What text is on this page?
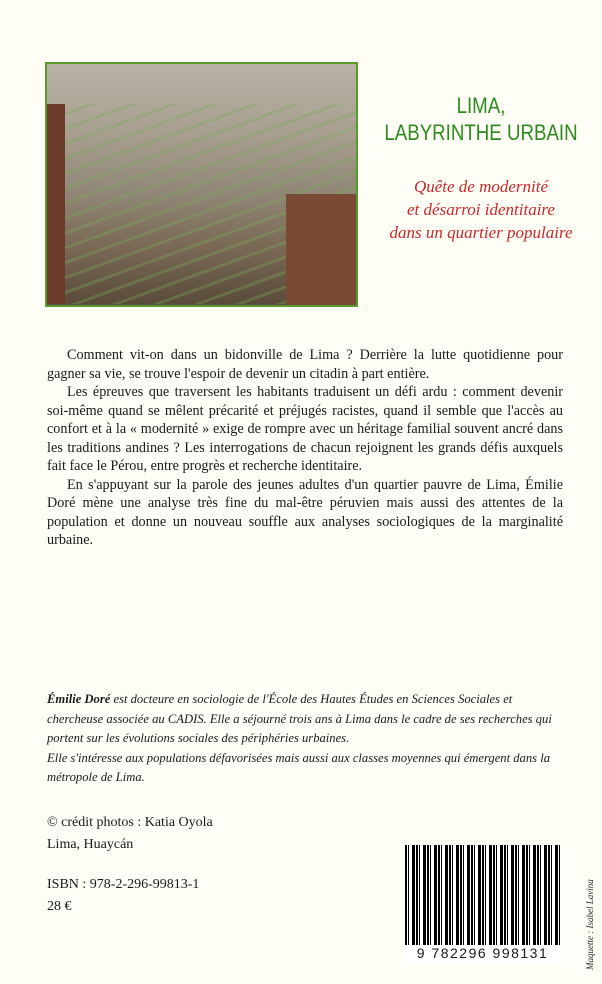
LIMA,
LABYRINTHE URBAIN
Quête de modernité
et désarroi identitaire
dans un quartier populaire

Comment vit-on dans un bidonville de Lima ? Derrière la lutte quotidienne pour gagner sa vie, se trouve l'espoir de devenir un citadin à part entière.

Les épreuves que traversent les habitants traduisent un défi ardu : comment devenir soi-même quand se mêlent précarité et préjugés racistes, quand il semble que l'accès au confort et à la « modernité » exige de rompre avec un héritage familial souvent ancré dans les traditions andines ? Les interrogations de chacun rejoignent les grands défis auxquels fait face le Pérou, entre progrès et recherche identitaire.

En s'appuyant sur la parole des jeunes adultes d'un quartier pauvre de Lima, Émilie Doré mène une analyse très fine du mal-être péruvien mais aussi des attentes de la population et donne un nouveau souffle aux analyses sociologiques de la marginalité urbaine.

Émilie Doré est docteure en sociologie de l'École des Hautes Études en Sciences Sociales et chercheuse associée au CADIS. Elle a séjourné trois ans à Lima dans le cadre de ses recherches qui portent sur les évolutions sociales des périphéries urbaines.
Elle s'intéresse aux populations défavorisées mais aussi aux classes moyennes qui émergent dans la métropole de Lima.
© crédit photos : Katia Oyola
Lima, Huaycán
ISBN : 978-2-296-99813-1
28 €
9 782296 998131	Maquette : Isabel Lavina
